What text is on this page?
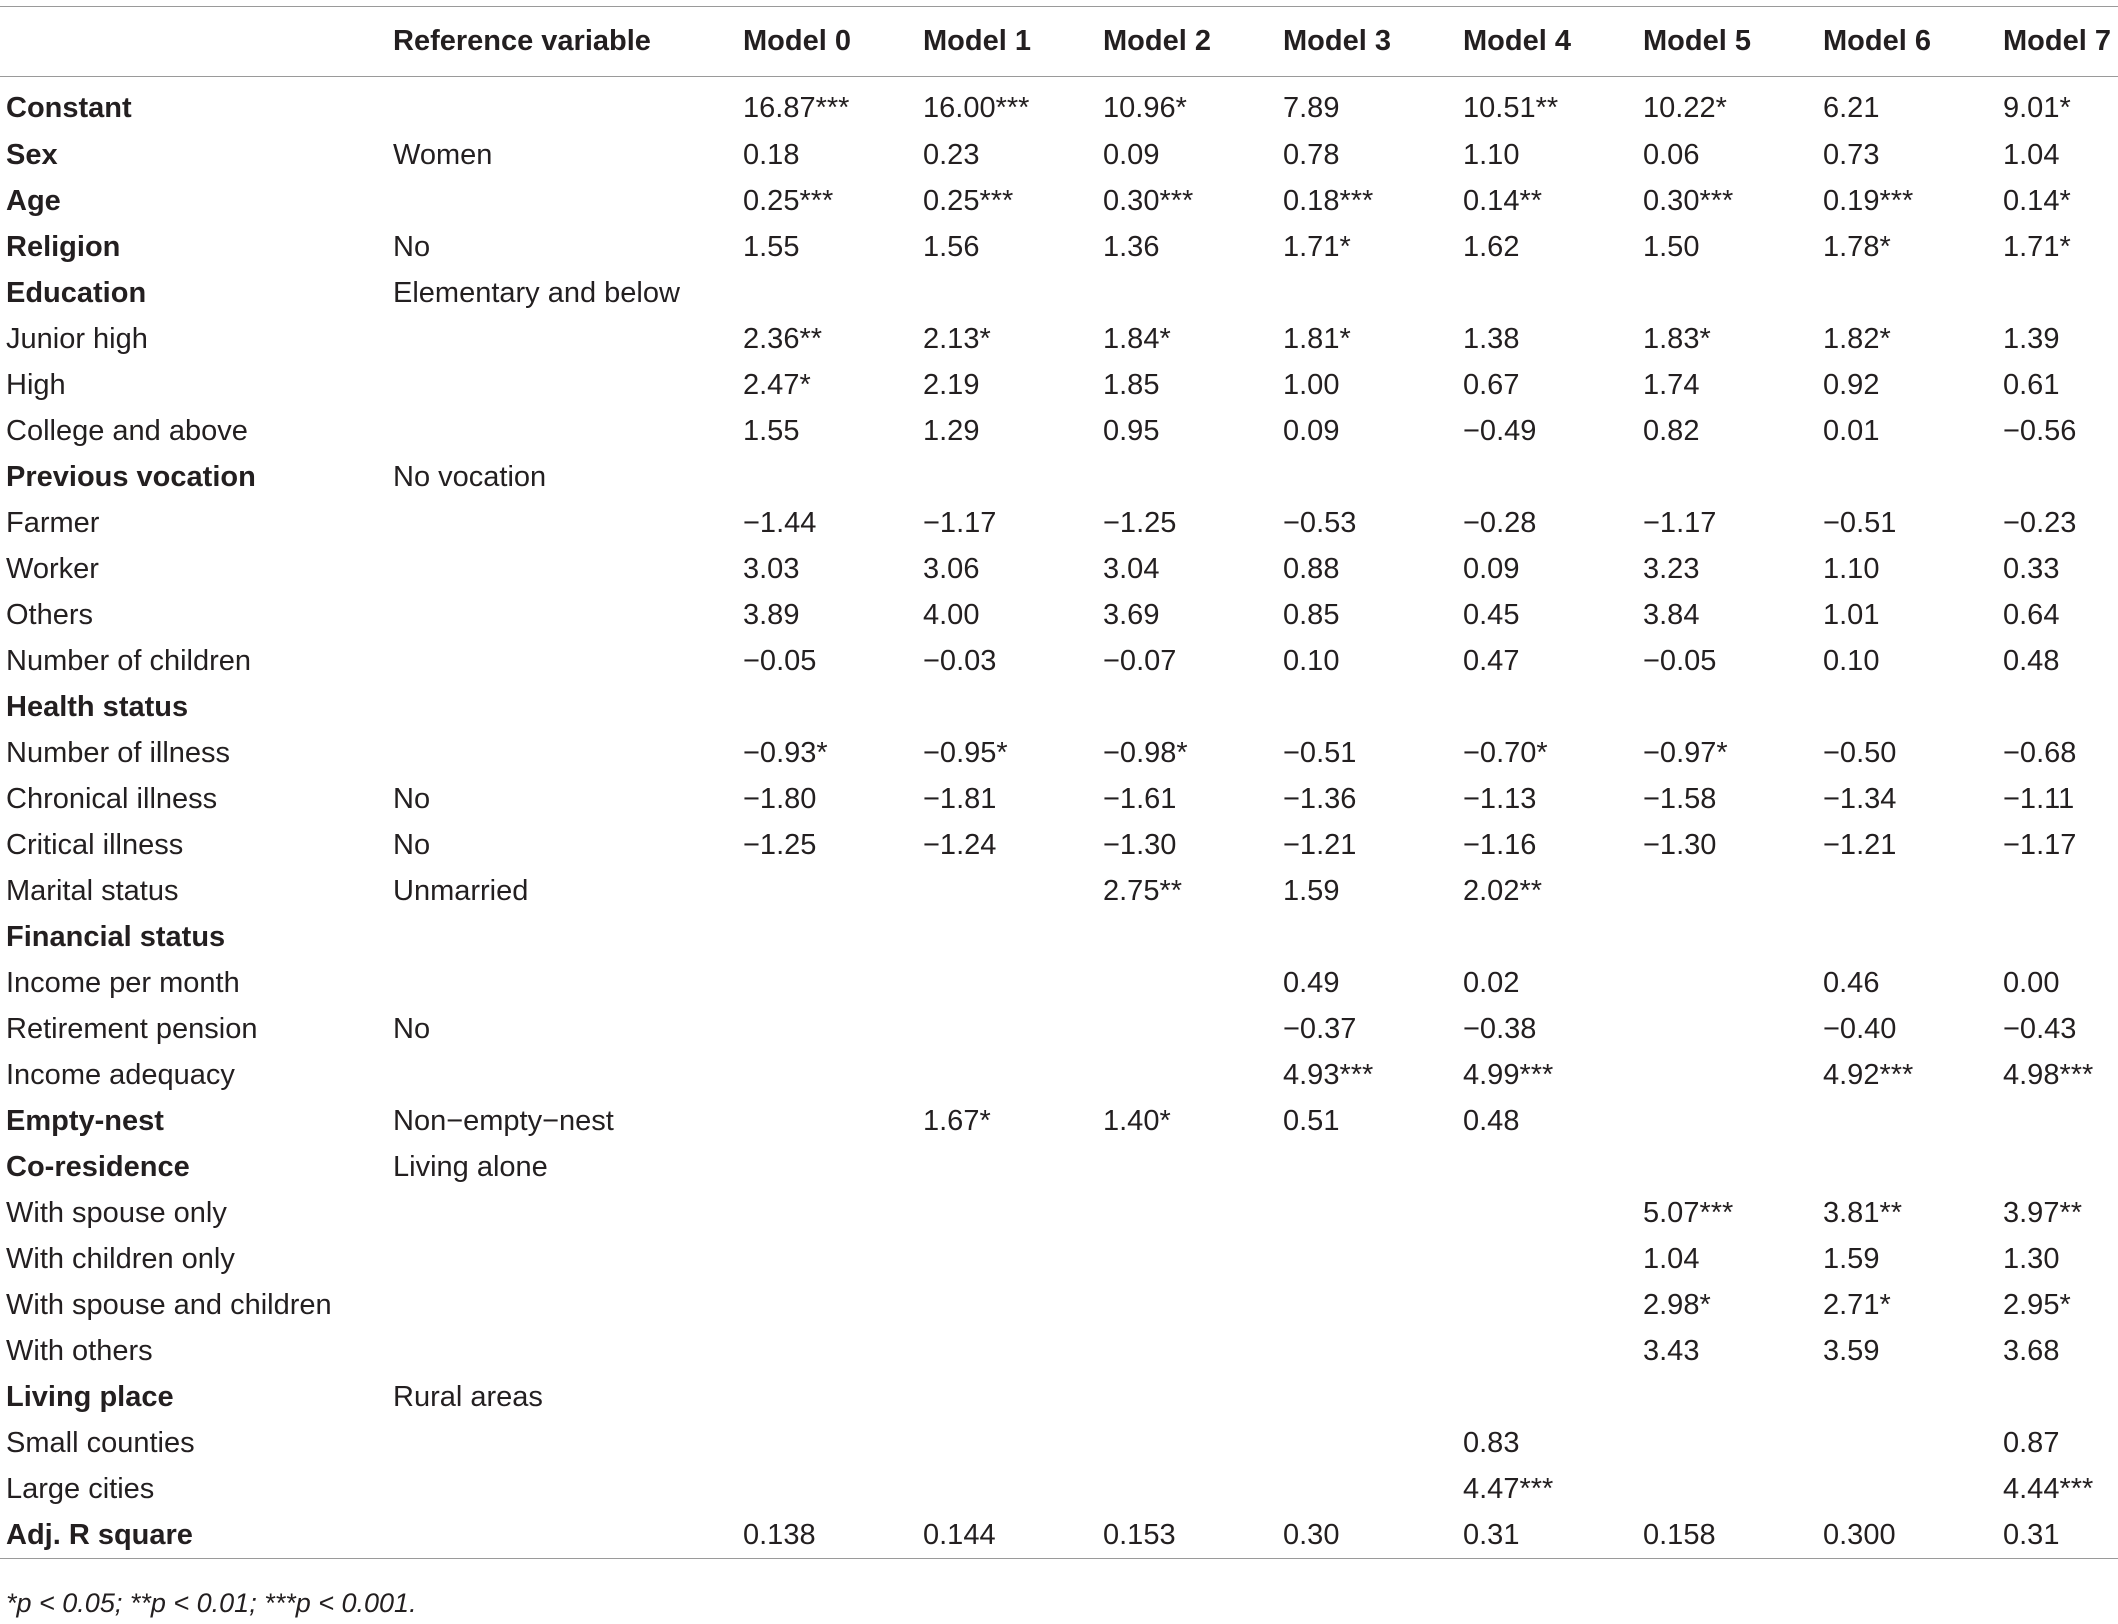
	Reference variable	Model 0	Model 1	Model 2	Model 3	Model 4	Model 5	Model 6	Model 7
Constant		16.87***	16.00***	10.96*	7.89	10.51**	10.22*	6.21	9.01*
Sex	Women	0.18	0.23	0.09	0.78	1.10	0.06	0.73	1.04
Age		0.25***	0.25***	0.30***	0.18***	0.14**	0.30***	0.19***	0.14*
Religion	No	1.55	1.56	1.36	1.71*	1.62	1.50	1.78*	1.71*
Education	Elementary and below								
Junior high		2.36**	2.13*	1.84*	1.81*	1.38	1.83*	1.82*	1.39
High		2.47*	2.19	1.85	1.00	0.67	1.74	0.92	0.61
College and above		1.55	1.29	0.95	0.09	−0.49	0.82	0.01	−0.56
Previous vocation	No vocation								
Farmer		−1.44	−1.17	−1.25	−0.53	−0.28	−1.17	−0.51	−0.23
Worker		3.03	3.06	3.04	0.88	0.09	3.23	1.10	0.33
Others		3.89	4.00	3.69	0.85	0.45	3.84	1.01	0.64
Number of children		−0.05	−0.03	−0.07	0.10	0.47	−0.05	0.10	0.48
Health status									
Number of illness		−0.93*	−0.95*	−0.98*	−0.51	−0.70*	−0.97*	−0.50	−0.68
Chronical illness	No	−1.80	−1.81	−1.61	−1.36	−1.13	−1.58	−1.34	−1.11
Critical illness	No	−1.25	−1.24	−1.30	−1.21	−1.16	−1.30	−1.21	−1.17
Marital status	Unmarried			2.75**	1.59	2.02**			
Financial status									
Income per month					0.49	0.02		0.46	0.00
Retirement pension	No				−0.37	−0.38		−0.40	−0.43
Income adequacy					4.93***	4.99***		4.92***	4.98***
Empty-nest	Non−empty−nest		1.67*	1.40*	0.51	0.48			
Co-residence	Living alone								
With spouse only							5.07***	3.81**	3.97**
With children only							1.04	1.59	1.30
With spouse and children							2.98*	2.71*	2.95*
With others							3.43	3.59	3.68
Living place	Rural areas								
Small counties						0.83			0.87
Large cities						4.47***			4.44***
Adj. R square		0.138	0.144	0.153	0.30	0.31	0.158	0.300	0.31
*p < 0.05; **p < 0.01; ***p < 0.001.
